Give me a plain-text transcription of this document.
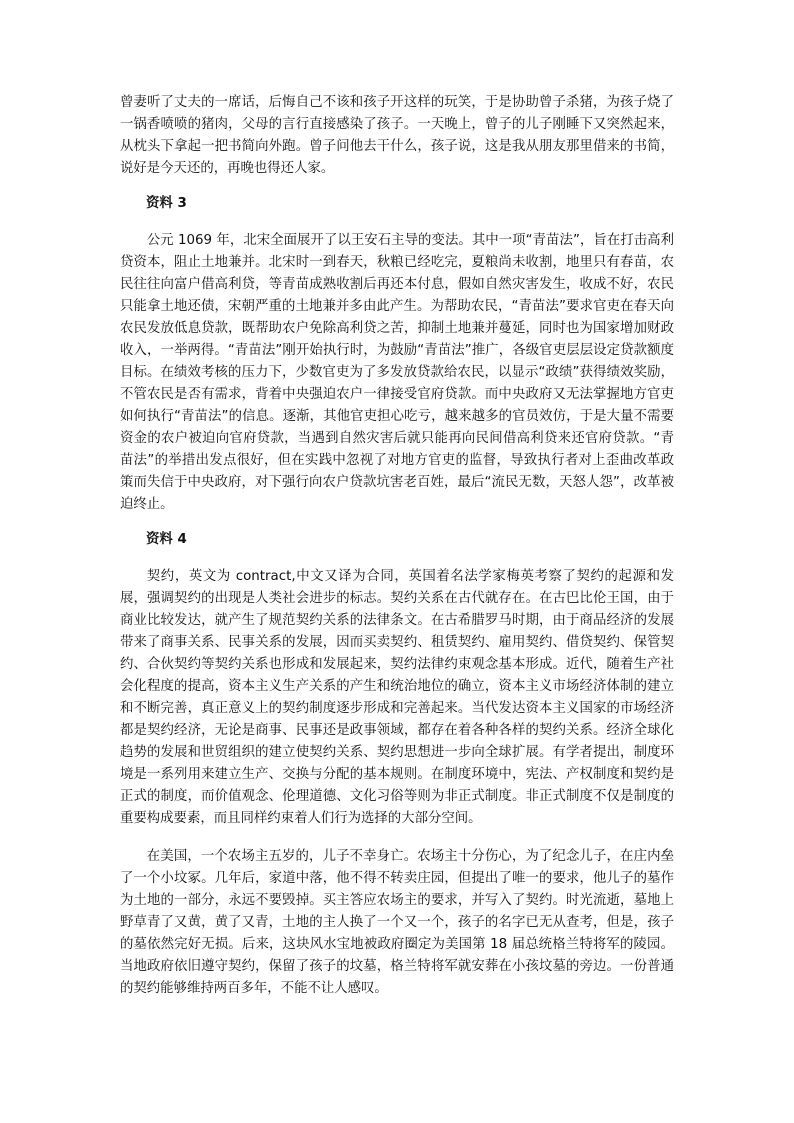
曾妻听了丈夫的一席话，后悔自己不该和孩子开这样的玩笑，于是协助曾子杀猪，为孩子烧了一锅香喷喷的猪肉，父母的言行直接感染了孩子。一天晚上，曾子的儿子刚睡下又突然起来，从枕头下拿起一把书简向外跑。曾子问他去干什么，孩子说，这是我从朋友那里借来的书简，说好是今天还的，再晚也得还人家。

资料 3

公元 1069 年，北宋全面展开了以王安石主导的变法。其中一项“青苗法”，旨在打击高利贷资本，阻止土地兼并。北宋时一到春天，秋粮已经吃完，夏粮尚未收割，地里只有春苗，农民往往向富户借高利贷，等青苗成熟收割后再还本付息，假如自然灾害发生，收成不好，农民只能拿土地还债，宋朝严重的土地兼并多由此产生。为帮助农民，“青苗法”要求官吏在春天向农民发放低息贷款，既帮助农户免除高利贷之苦，抑制土地兼并蔓延，同时也为国家增加财政收入，一举两得。“青苗法”刚开始执行时，为鼓励“青苗法”推广，各级官吏层层设定贷款额度目标。在绩效考核的压力下，少数官吏为了多发放贷款给农民，以显示“政绩”获得绩效奖励，不管农民是否有需求，背着中央强迫农户一律接受官府贷款。而中央政府又无法掌握地方官吏如何执行“青苗法”的信息。逐渐，其他官吏担心吃亏，越来越多的官员效仿，于是大量不需要资金的农户被迫向官府贷款，当遇到自然灾害后就只能再向民间借高利贷来还官府贷款。“青苗法”的举措出发点很好，但在实践中忽视了对地方官吏的监督，导致执行者对上歪曲改革政策而失信于中央政府，对下强行向农户贷款坑害老百姓，最后“流民无数，天怒人怨”，改革被迫终止。

资料 4

契约，英文为 contract,中文又译为合同，英国着名法学家梅英考察了契约的起源和发展，强调契约的出现是人类社会进步的标志。契约关系在古代就存在。在古巴比伦王国，由于商业比较发达，就产生了规范契约关系的法律条文。在古希腊罗马时期，由于商品经济的发展带来了商事关系、民事关系的发展，因而买卖契约、租赁契约、雇用契约、借贷契约、保管契约、合伙契约等契约关系也形成和发展起来，契约法律约束观念基本形成。近代，随着生产社会化程度的提高，资本主义生产关系的产生和统治地位的确立，资本主义市场经济体制的建立和不断完善，真正意义上的契约制度逐步形成和完善起来。当代发达资本主义国家的市场经济都是契约经济，无论是商事、民事还是政事领域，都存在着各种各样的契约关系。经济全球化趋势的发展和世贸组织的建立使契约关系、契约思想进一步向全球扩展。有学者提出，制度环境是一系列用来建立生产、交换与分配的基本规则。在制度环境中，宪法、产权制度和契约是正式的制度，而价值观念、伦理道德、文化习俗等则为非正式制度。非正式制度不仅是制度的重要构成要素，而且同样约束着人们行为选择的大部分空间。

在美国，一个农场主五岁的，儿子不幸身亡。农场主十分伤心，为了纪念儿子，在庄内垒了一个小坟冢。几年后，家道中落，他不得不转卖庄园，但提出了唯一的要求，他儿子的墓作为土地的一部分，永远不要毁掉。买主答应农场主的要求，并写入了契约。时光流逝，墓地上野草青了又黄，黄了又青，土地的主人换了一个又一个，孩子的名字已无从查考，但是，孩子的墓依然完好无损。后来，这块风水宝地被政府圈定为美国第 18 届总统格兰特将军的陵园。当地政府依旧遵守契约，保留了孩子的坟墓，格兰特将军就安葬在小孩坟墓的旁边。一份普通的契约能够维持两百多年，不能不让人感叹。
